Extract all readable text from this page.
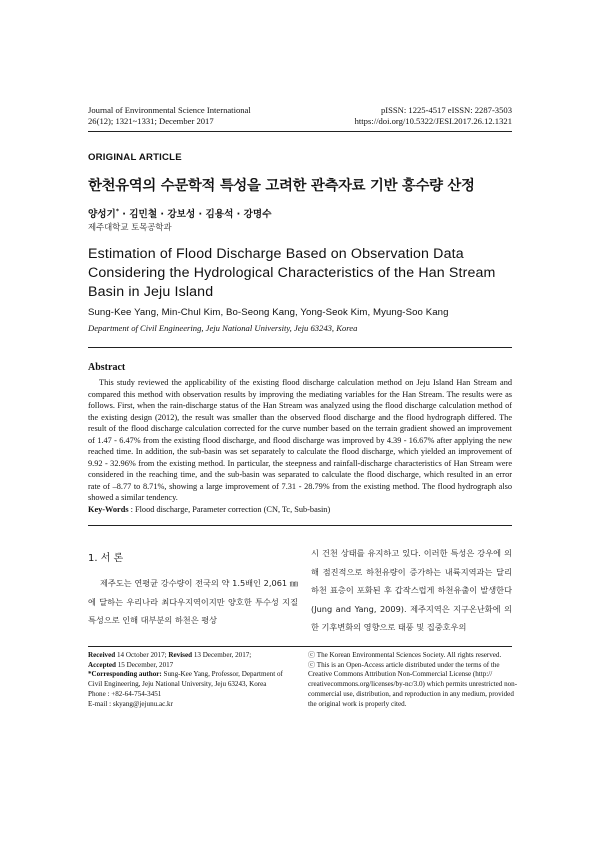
Journal of Environmental Science International
26(12); 1321~1331; December 2017
pISSN: 1225-4517 eISSN: 2287-3503
https://doi.org/10.5322/JESI.2017.26.12.1321
ORIGINAL ARTICLE
한천유역의 수문학적 특성을 고려한 관측자료 기반 홍수량 산정
양성기* · 김민철 · 강보성 · 김용석 · 강명수
제주대학교 토목공학과
Estimation of Flood Discharge Based on Observation Data Considering the Hydrological Characteristics of the Han Stream Basin in Jeju Island
Sung-Kee Yang, Min-Chul Kim, Bo-Seong Kang, Yong-Seok Kim, Myung-Soo Kang
Department of Civil Engineering, Jeju National University, Jeju 63243, Korea
Abstract
This study reviewed the applicability of the existing flood discharge calculation method on Jeju Island Han Stream and compared this method with observation results by improving the mediating variables for the Han Stream. The results were as follows. First, when the rain-discharge status of the Han Stream was analyzed using the flood discharge calculation method of the existing design (2012), the result was smaller than the observed flood discharge and the flood hydrograph differed. The result of the flood discharge calculation corrected for the curve number based on the terrain gradient showed an improvement of 1.47 - 6.47% from the existing flood discharge, and flood discharge was improved by 4.39 - 16.67% after applying the new reached time. In addition, the sub-basin was set separately to calculate the flood discharge, which yielded an improvement of 9.92 - 32.96% from the existing method. In particular, the steepness and rainfall-discharge characteristics of Han Stream were considered in the reaching time, and the sub-basin was separated to calculate the flood discharge, which resulted in an error rate of –8.77 to 8.71%, showing a large improvement of 7.31 - 28.79% from the existing method. The flood hydrograph also showed a similar tendency.
Key-Words : Flood discharge, Parameter correction (CN, Tc, Sub-basin)
1. 서 론
제주도는 연평균 강수량이 전국의 약 1.5배인 2,061 ㎜에 달하는 우리나라 최다우지역이지만 양호한 투수성 지질특성으로 인해 대부분의 하천은 평상
시 건천 상태를 유지하고 있다. 이러한 특성은 강우에 의해 점진적으로 하천유량이 증가하는 내륙지역과는 달리 하천 표층이 포화된 후 갑작스럽게 하천유출이 발생한다(Jung and Yang, 2009). 제주지역은 지구온난화에 의한 기후변화의 영향으로 태풍 및 집중호우의
Received 14 October 2017; Revised 13 December, 2017;
Accepted 15 December, 2017
*Corresponding author: Sung-Kee Yang, Professor, Department of Civil Engineering, Jeju National University, Jeju 63243, Korea
Phone : +82-64-754-3451
E-mail : skyang@jejunu.ac.kr
ⓒ The Korean Environmental Sciences Society. All rights reserved.
ⓒ This is an Open-Access article distributed under the terms of the Creative Commons Attribution Non-Commercial License (http:// creativecommons.org/licenses/by-nc/3.0) which permits unrestricted non-commercial use, distribution, and reproduction in any medium, provided the original work is properly cited.
